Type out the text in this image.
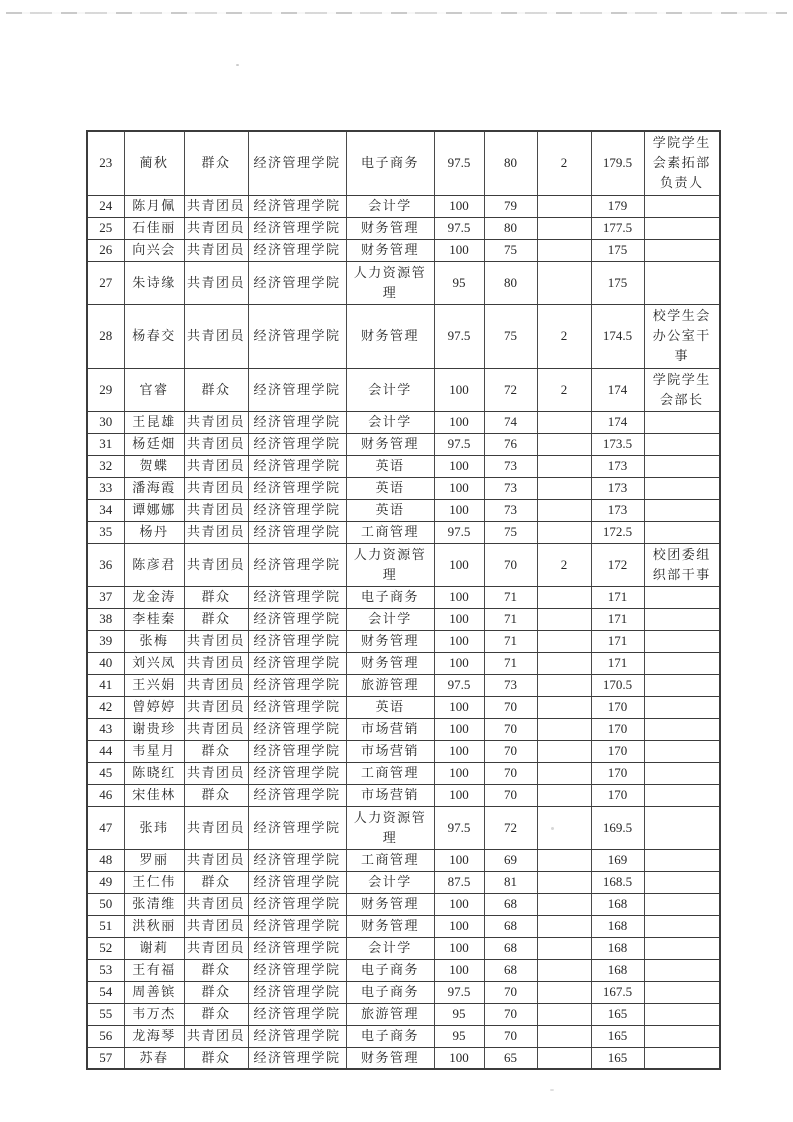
23	蔺秋	群众	经济管理学院	电子商务	97.5	80	2	179.5	学院学生会素拓部负责人
24	陈月佩	共青团员	经济管理学院	会计学	100	79		179	
25	石佳丽	共青团员	经济管理学院	财务管理	97.5	80		177.5	
26	向兴会	共青团员	经济管理学院	财务管理	100	75		175	
27	朱诗缘	共青团员	经济管理学院	人力资源管理	95	80		175	
28	杨春交	共青团员	经济管理学院	财务管理	97.5	75	2	174.5	校学生会办公室干事
29	官睿	群众	经济管理学院	会计学	100	72	2	174	学院学生会部长
30	王昆雄	共青团员	经济管理学院	会计学	100	74		174	
31	杨廷畑	共青团员	经济管理学院	财务管理	97.5	76		173.5	
32	贺蝶	共青团员	经济管理学院	英语	100	73		173	
33	潘海霞	共青团员	经济管理学院	英语	100	73		173	
34	谭娜娜	共青团员	经济管理学院	英语	100	73		173	
35	杨丹	共青团员	经济管理学院	工商管理	97.5	75		172.5	
36	陈彦君	共青团员	经济管理学院	人力资源管理	100	70	2	172	校团委组织部干事
37	龙金涛	群众	经济管理学院	电子商务	100	71		171	
38	李桂秦	群众	经济管理学院	会计学	100	71		171	
39	张梅	共青团员	经济管理学院	财务管理	100	71		171	
40	刘兴凤	共青团员	经济管理学院	财务管理	100	71		171	
41	王兴娟	共青团员	经济管理学院	旅游管理	97.5	73		170.5	
42	曾婷婷	共青团员	经济管理学院	英语	100	70		170	
43	谢贵珍	共青团员	经济管理学院	市场营销	100	70		170	
44	韦星月	群众	经济管理学院	市场营销	100	70		170	
45	陈晓红	共青团员	经济管理学院	工商管理	100	70		170	
46	宋佳林	群众	经济管理学院	市场营销	100	70		170	
47	张玮	共青团员	经济管理学院	人力资源管理	97.5	72		169.5	
48	罗丽	共青团员	经济管理学院	工商管理	100	69		169	
49	王仁伟	群众	经济管理学院	会计学	87.5	81		168.5	
50	张清维	共青团员	经济管理学院	财务管理	100	68		168	
51	洪秋丽	共青团员	经济管理学院	财务管理	100	68		168	
52	谢莉	共青团员	经济管理学院	会计学	100	68		168	
53	王有福	群众	经济管理学院	电子商务	100	68		168	
54	周善镔	群众	经济管理学院	电子商务	97.5	70		167.5	
55	韦万杰	群众	经济管理学院	旅游管理	95	70		165	
56	龙海琴	共青团员	经济管理学院	电子商务	95	70		165	
57	苏春	群众	经济管理学院	财务管理	100	65		165	
